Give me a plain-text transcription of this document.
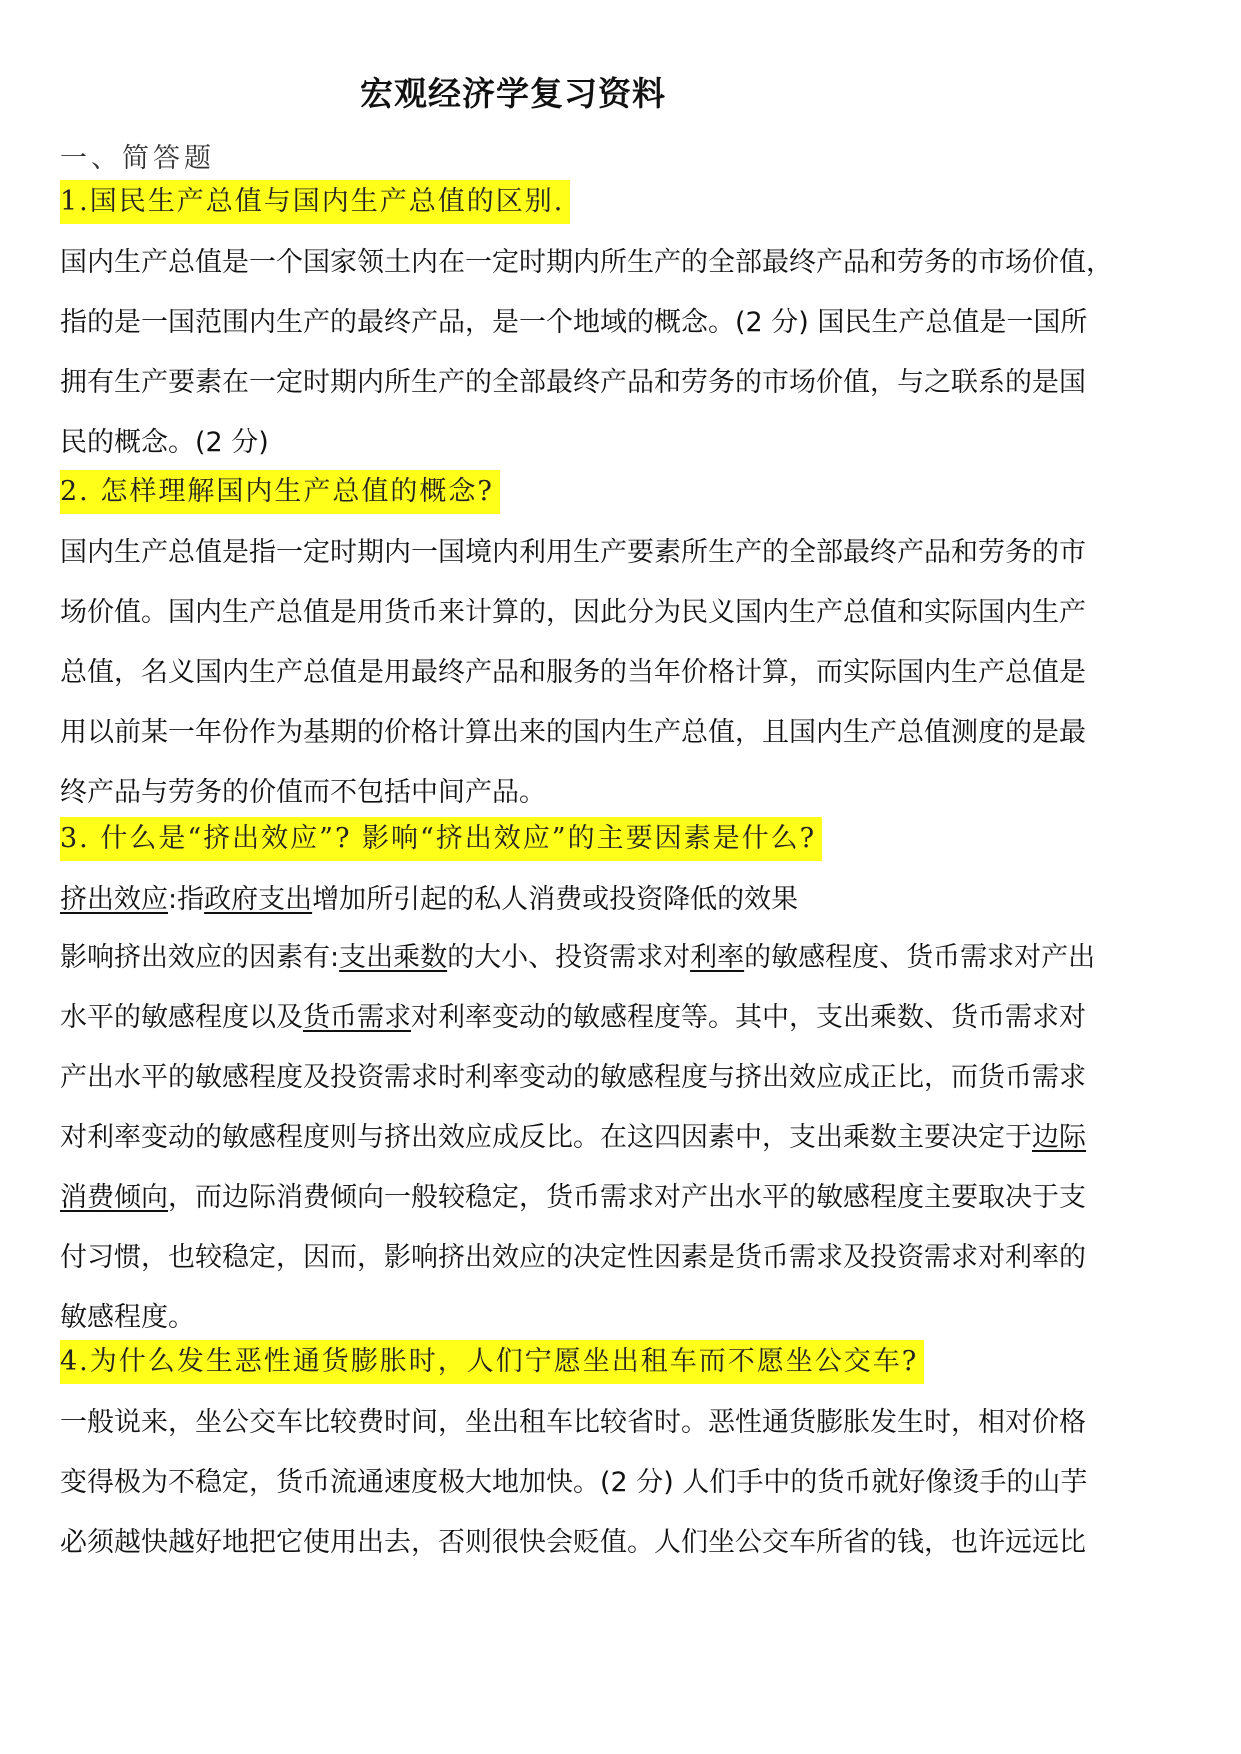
宏观经济学复习资料
一、简答题
1.国民生产总值与国内生产总值的区别.
国内生产总值是一个国家领土内在一定时期内所生产的全部最终产品和劳务的市场价值，
指的是一国范围内生产的最终产品，是一个地域的概念。(2 分) 国民生产总值是一国所
拥有生产要素在一定时期内所生产的全部最终产品和劳务的市场价值，与之联系的是国
民的概念。(2 分)
2. 怎样理解国内生产总值的概念?
国内生产总值是指一定时期内一国境内利用生产要素所生产的全部最终产品和劳务的市
场价值。国内生产总值是用货币来计算的，因此分为民义国内生产总值和实际国内生产
总值，名义国内生产总值是用最终产品和服务的当年价格计算，而实际国内生产总值是
用以前某一年份作为基期的价格计算出来的国内生产总值，且国内生产总值测度的是最
终产品与劳务的价值而不包括中间产品。
3. 什么是“挤出效应”? 影响“挤出效应”的主要因素是什么?
挤出效应:指政府支出增加所引起的私人消费或投资降低的效果
影响挤出效应的因素有:支出乘数的大小、投资需求对利率的敏感程度、货币需求对产出
水平的敏感程度以及货币需求对利率变动的敏感程度等。其中，支出乘数、货币需求对
产出水平的敏感程度及投资需求时利率变动的敏感程度与挤出效应成正比，而货币需求
对利率变动的敏感程度则与挤出效应成反比。在这四因素中，支出乘数主要决定于边际
消费倾向，而边际消费倾向一般较稳定，货币需求对产出水平的敏感程度主要取决于支
付习惯，也较稳定，因而，影响挤出效应的决定性因素是货币需求及投资需求对利率的
敏感程度。
4.为什么发生恶性通货膨胀时，人们宁愿坐出租车而不愿坐公交车?
一般说来，坐公交车比较费时间，坐出租车比较省时。恶性通货膨胀发生时，相对价格
变得极为不稳定，货币流通速度极大地加快。(2 分) 人们手中的货币就好像烫手的山芋
必须越快越好地把它使用出去，否则很快会贬值。人们坐公交车所省的钱，也许远远比
